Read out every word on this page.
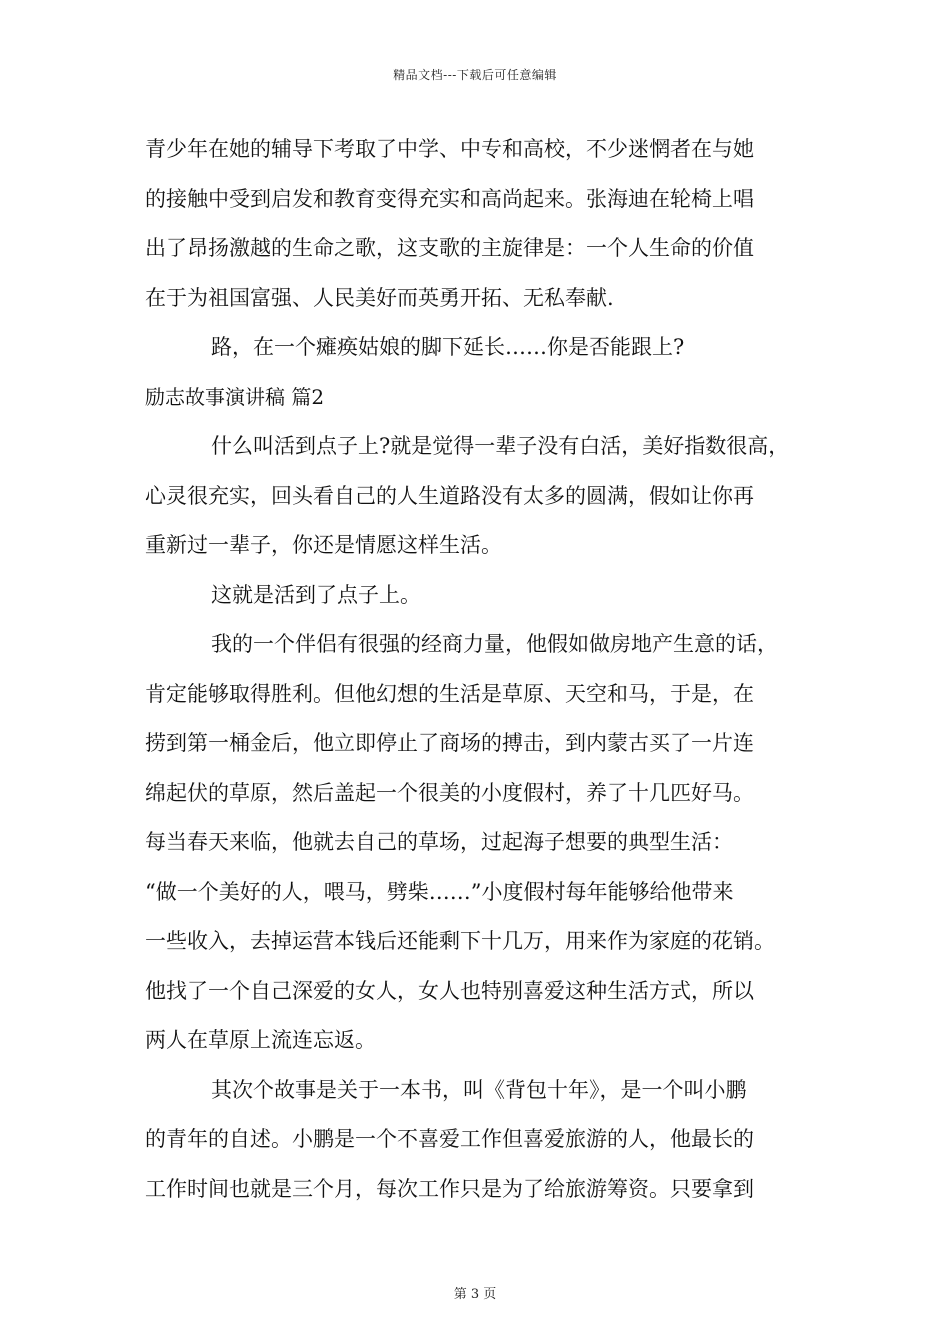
精品文档---下载后可任意编辑
青少年在她的辅导下考取了中学、中专和高校，不少迷惘者在与她
的接触中受到启发和教育变得充实和高尚起来。张海迪在轮椅上唱
出了昂扬激越的生命之歌，这支歌的主旋律是：一个人生命的价值
在于为祖国富强、人民美好而英勇开拓、无私奉献.
路，在一个瘫痪姑娘的脚下延长……你是否能跟上?
励志故事演讲稿 篇2
什么叫活到点子上?就是觉得一辈子没有白活，美好指数很高，
心灵很充实，回头看自己的人生道路没有太多的圆满，假如让你再
重新过一辈子，你还是情愿这样生活。
这就是活到了点子上。
我的一个伴侣有很强的经商力量，他假如做房地产生意的话，
肯定能够取得胜利。但他幻想的生活是草原、天空和马，于是，在
捞到第一桶金后，他立即停止了商场的搏击，到内蒙古买了一片连
绵起伏的草原，然后盖起一个很美的小度假村，养了十几匹好马。
每当春天来临，他就去自己的草场，过起海子想要的典型生活：
“做一个美好的人，喂马，劈柴……”小度假村每年能够给他带来
一些收入，去掉运营本钱后还能剩下十几万，用来作为家庭的花销。
他找了一个自己深爱的女人，女人也特别喜爱这种生活方式，所以
两人在草原上流连忘返。
其次个故事是关于一本书，叫《背包十年》，是一个叫小鹏
的青年的自述。小鹏是一个不喜爱工作但喜爱旅游的人，他最长的
工作时间也就是三个月，每次工作只是为了给旅游筹资。只要拿到
第 3 页
